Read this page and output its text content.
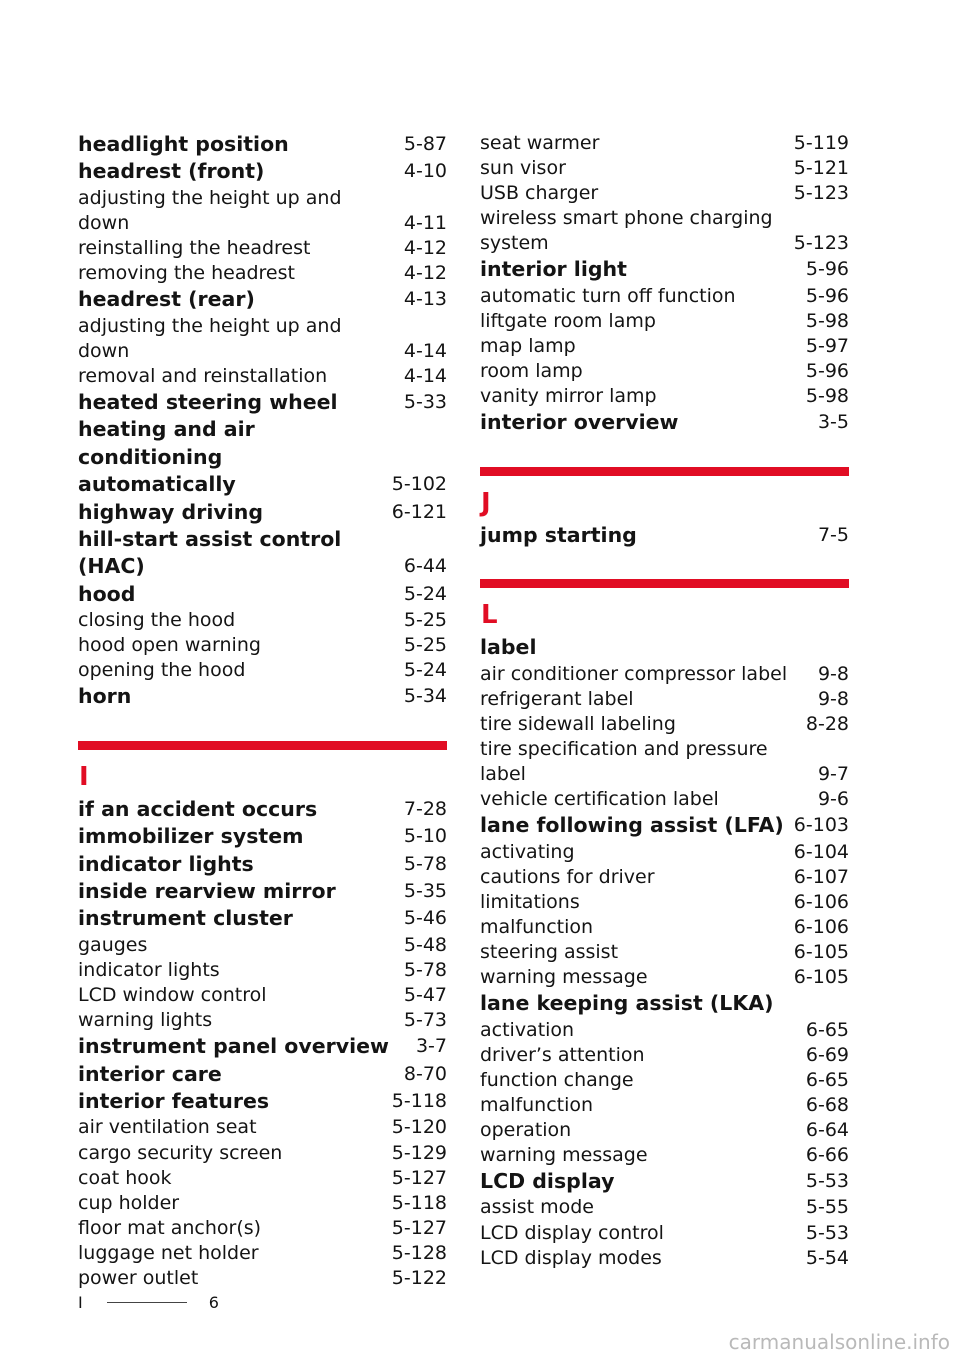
headlight position	5-87
headrest (front)	4-10
adjusting the height up and down	4-11
reinstalling the headrest	4-12
removing the headrest	4-12
headrest (rear)	4-13
adjusting the height up and down	4-14
removal and reinstallation	4-14
heated steering wheel	5-33
heating and air conditioning automatically	5-102
highway driving	6-121
hill-start assist control (HAC)	6-44
hood	5-24
closing the hood	5-25
hood open warning	5-25
opening the hood	5-24
horn	5-34
I
if an accident occurs	7-28
immobilizer system	5-10
indicator lights	5-78
inside rearview mirror	5-35
instrument cluster	5-46
gauges	5-48
indicator lights	5-78
LCD window control	5-47
warning lights	5-73
instrument panel overview	3-7
interior care	8-70
interior features	5-118
air ventilation seat	5-120
cargo security screen	5-129
coat hook	5-127
cup holder	5-118
floor mat anchor(s)	5-127
luggage net holder	5-128
power outlet	5-122
seat warmer	5-119
sun visor	5-121
USB charger	5-123
wireless smart phone charging system	5-123
interior light	5-96
automatic turn off function	5-96
liftgate room lamp	5-98
map lamp	5-97
room lamp	5-96
vanity mirror lamp	5-98
interior overview	3-5
J
jump starting	7-5
L
label
air conditioner compressor label	9-8
refrigerant label	9-8
tire sidewall labeling	8-28
tire specification and pressure label	9-7
vehicle certification label	9-6
lane following assist (LFA) 6-103
activating	6-104
cautions for driver	6-107
limitations	6-106
malfunction	6-106
steering assist	6-105
warning message	6-105
lane keeping assist (LKA)
activation	6-65
driver’s attention	6-69
function change	6-65
malfunction	6-68
operation	6-64
warning message	6-66
LCD display	5-53
assist mode	5-55
LCD display control	5-53
LCD display modes	5-54
I	6
carmanualsonline.info
